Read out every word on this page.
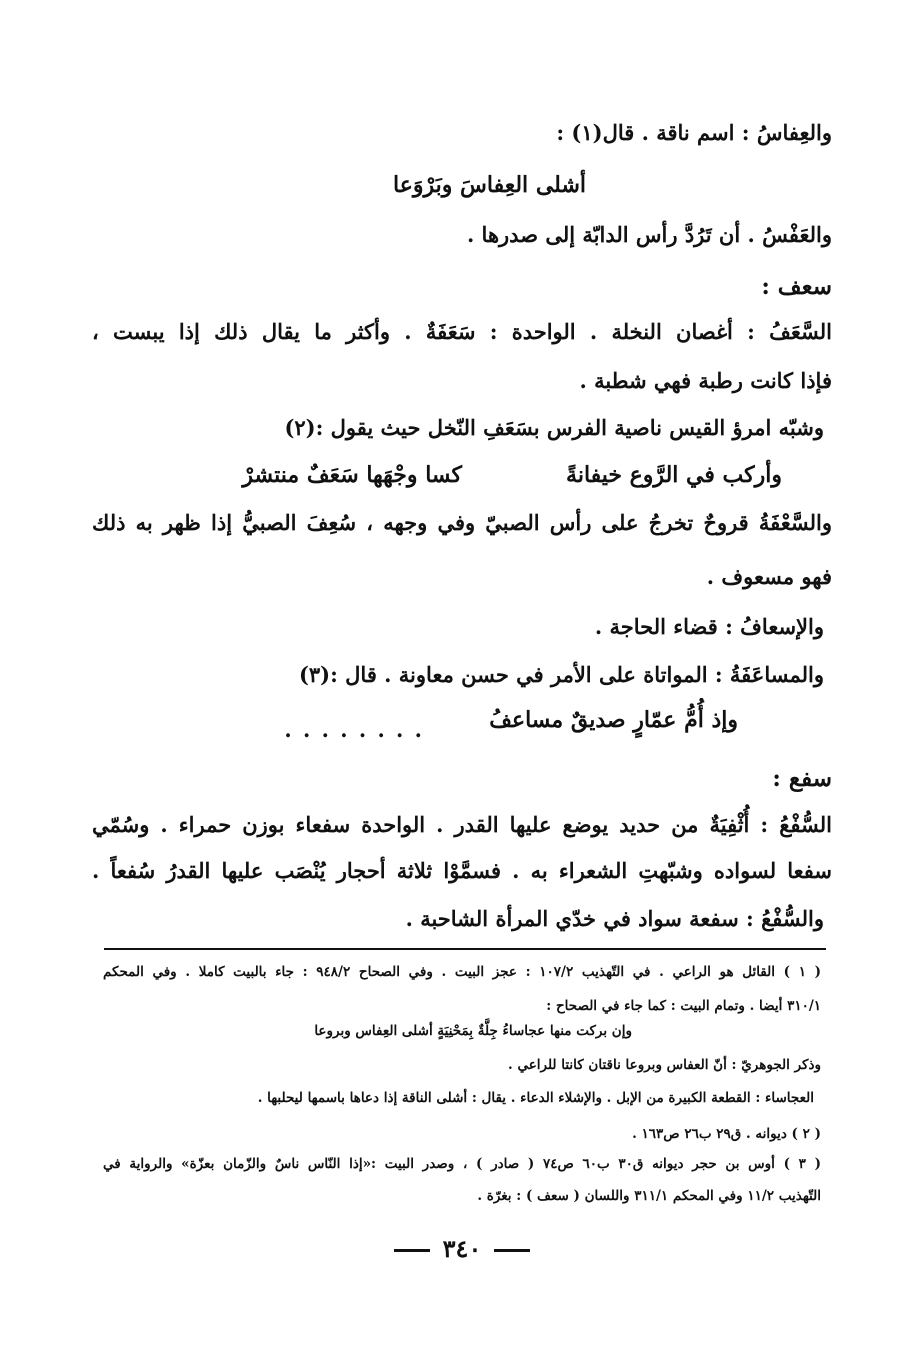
والعِفاسُ : اسم ناقة . قال(١) :
أشلى العِفاسَ وبَرْوَعا
والعَفْسُ . أن تَرُدَّ رأس الدابّة إلى صدرها .
سعف :
السَّعَفُ : أغصان النخلة . الواحدة : سَعَفَةٌ . وأكثر ما يقال ذلك إذا يبست ،
فإذا كانت رطبة فهي شطبة .
وشبّه امرؤ القيس ناصية الفرس بسَعَفِ النّخل حيث يقول :(٢)
وأركب في الرَّوع خيفانةً
كسا وجْهَها سَعَفٌ منتشرْ
والسَّعْفَةُ قروحٌ تخرجُ على رأس الصبيّ وفي وجهه ، سُعِفَ الصبيُّ إذا ظهر به ذلك
فهو مسعوف .
والإسعافُ : قضاء الحاجة .
والمساعَفَةُ : المواتاة على الأمر في حسن معاونة . قال :(٣)
وإذ أُمُّ عمّارٍ صديقٌ مساعفُ
. . . . . . . .
سفع :
السُّفْعُ : أُثْفِيَةٌ من حديد يوضع عليها القدر . الواحدة سفعاء بوزن حمراء . وسُمّي
سفعا لسواده وشبّهتِ الشعراء به . فسمَّوْا ثلاثة أحجار يُنْصَب عليها القدرُ سُفعاً .
والسُّفْعُ : سفعة سواد في خدّي المرأة الشاحبة .
( ١ ) القائل هو الراعي . في التّهذيب ١٠٧/٢ : عجز البيت . وفي الصحاح ٩٤٨/٢ : جاء بالبيت كاملا . وفي المحكم
٣١٠/١ أيضا . وتمام البيت : كما جاء في الصحاح :
وإن بركت منها عجاساءُ جِلَّةٌ بِمَحْنِيَةٍ أشلى العِفاس وبروعا
وذكر الجوهريّ : أنّ العفاس وبروعا ناقتان كانتا للراعي .
العجاساء : القطعة الكبيرة من الإبل . والإشلاء الدعاء . يقال : أشلى الناقة إذا دعاها باسمها ليحلبها .
( ٢ ) ديوانه . ق٢٩ ب٢٦ ص١٦٣ .
( ٣ ) أوس بن حجر ديوانه ق٣٠ ب٦٠ ص٧٤ ( صادر ) ، وصدر البيت :«إذا النّاس ناسٌ والزّمان بعزّة» والرواية في
التّهذيب ١١/٢ وفي المحكم ٣١١/١ واللسان ( سعف ) : بغرّة .
٣٤٠
